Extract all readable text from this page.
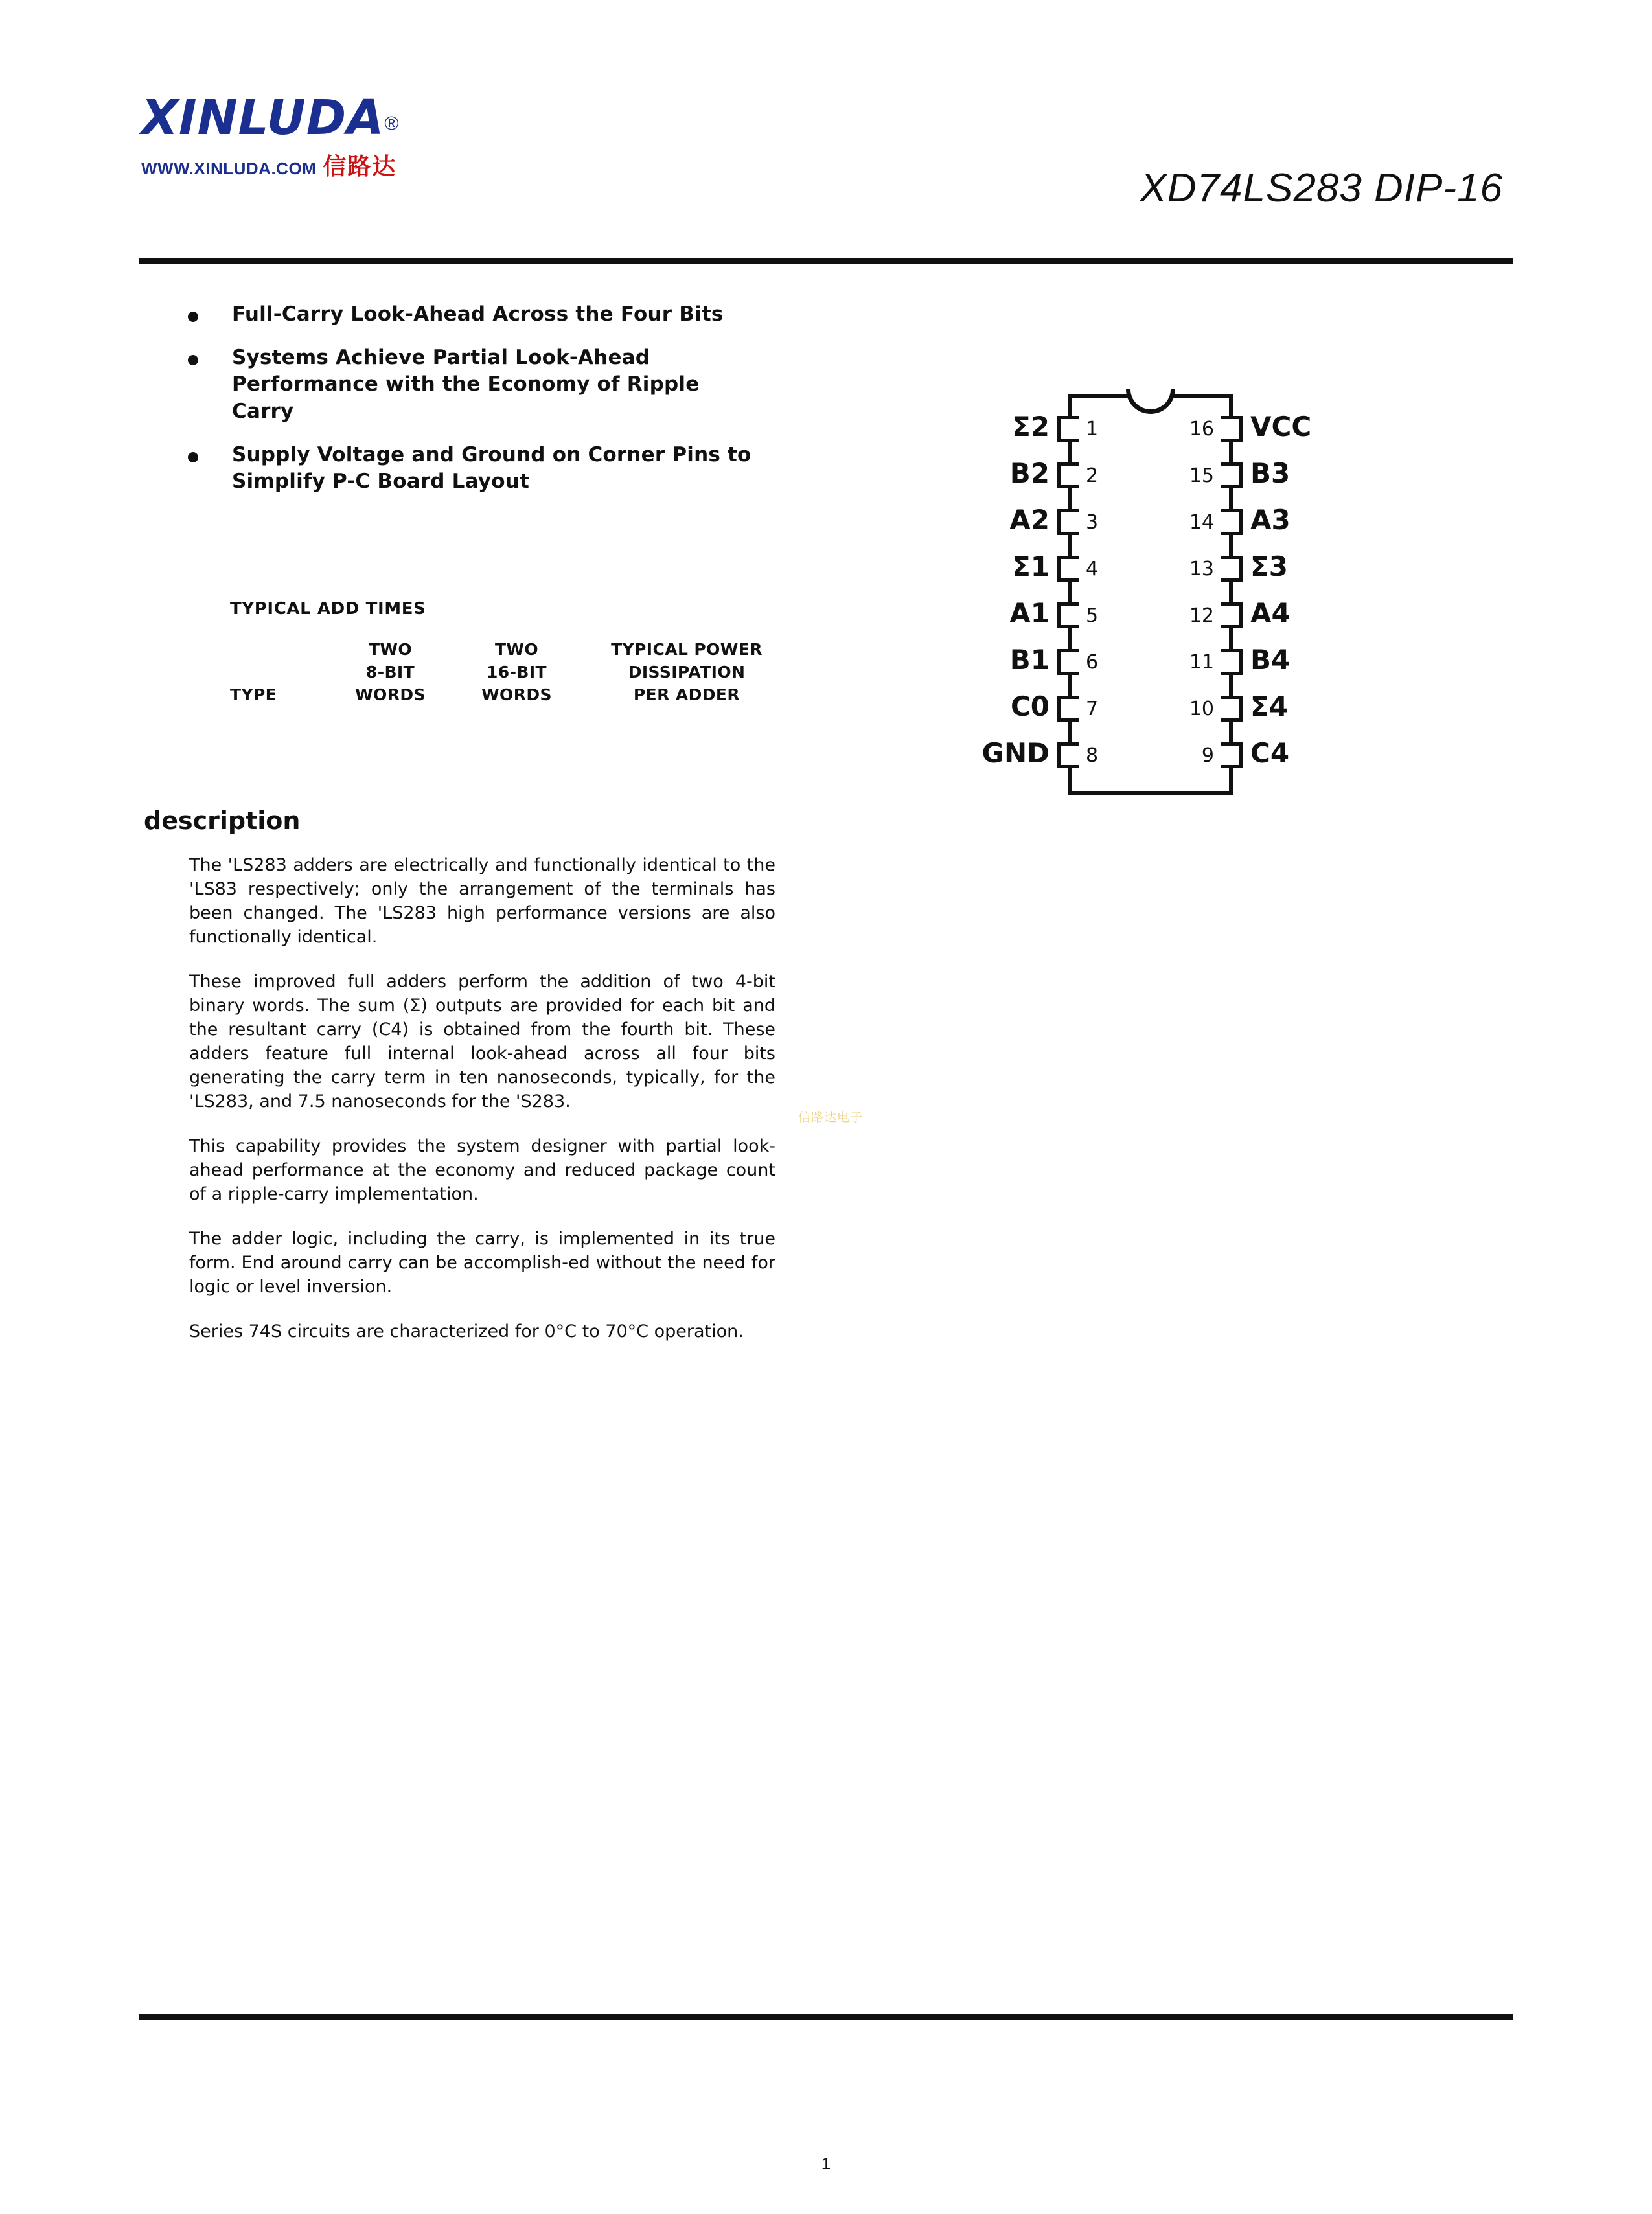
XINLUDA®
WWW.XINLUDA.COM 信路达	XD74LS283 DIP-16
Full-Carry Look-Ahead Across the Four Bits
Systems Achieve Partial Look-Ahead Performance with the Economy of Ripple Carry
Supply Voltage and Ground on Corner Pins to Simplify P-C Board Layout
TYPICAL ADD TIMES
	TWO	TWO	TYPICAL POWER
	8-BIT	16-BIT	DISSIPATION
TYPE	WORDS	WORDS	PER ADDER
description

The 'LS283 adders are electrically and functionally identical to the 'LS83 respectively; only the arrangement of the terminals has been changed. The 'LS283 high performance versions are also functionally identical.

These improved full adders perform the addition of two 4-bit binary words. The sum (Σ) outputs are provided for each bit and the resultant carry (C4) is obtained from the fourth bit. These adders feature full internal look-ahead across all four bits generating the carry term in ten nanoseconds, typically, for the 'LS283, and 7.5 nanoseconds for the 'S283.

This capability provides the system designer with partial look-ahead performance at the economy and reduced package count of a ripple-carry implementation.

The adder logic, including the carry, is implemented in its true form. End around carry can be accomplish-ed without the need for logic or level inversion.

Series 74S circuits are characterized for 0°C to 70°C operation.

信路达电子
1
Σ2
2
B2
3
A2
4
Σ1
5
A1
6
B1
7
C0
8
GND
16 VCC
15 B3
14 A3
13 Σ3
12 A4
11 B4
10 Σ4
9 C4
1
